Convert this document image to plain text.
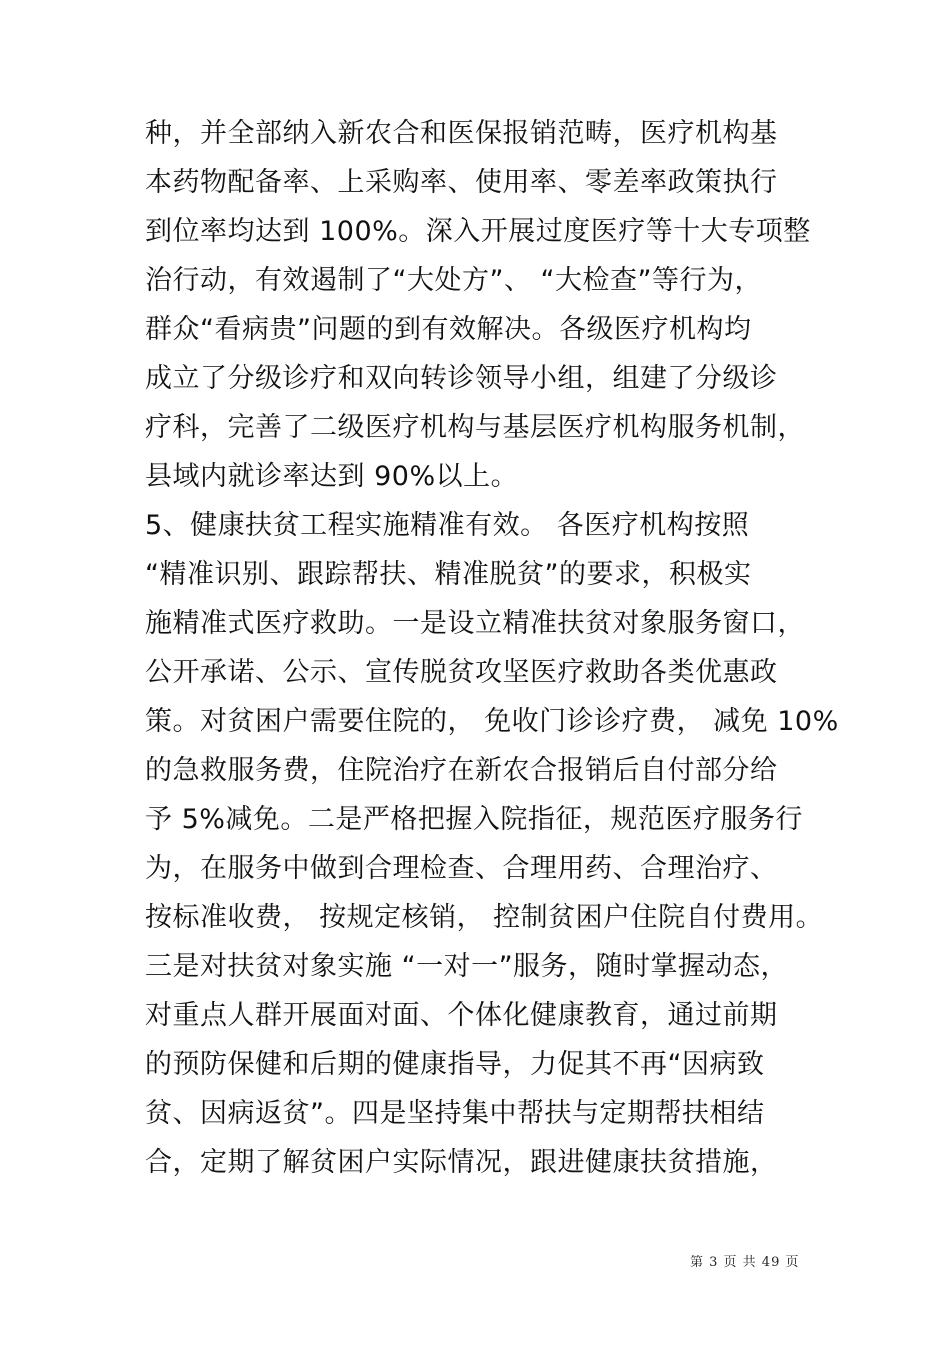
种，并全部纳入新农合和医保报销范畴，医疗机构基
本药物配备率、上采购率、使用率、零差率政策执行
到位率均达到 100%。深入开展过度医疗等十大专项整
治行动，有效遏制了“大处方”、 “大检查”等行为，
群众“看病贵”问题的到有效解决。各级医疗机构均
成立了分级诊疗和双向转诊领导小组，组建了分级诊
疗科，完善了二级医疗机构与基层医疗机构服务机制，
县域内就诊率达到 90%以上。
5、健康扶贫工程实施精准有效。 各医疗机构按照
“精准识别、跟踪帮扶、精准脱贫”的要求，积极实
施精准式医疗救助。一是设立精准扶贫对象服务窗口，
公开承诺、公示、宣传脱贫攻坚医疗救助各类优惠政
策。对贫困户需要住院的， 免收门诊诊疗费， 减免 10%
的急救服务费，住院治疗在新农合报销后自付部分给
予 5%减免。二是严格把握入院指征，规范医疗服务行
为，在服务中做到合理检查、合理用药、合理治疗、
按标准收费， 按规定核销， 控制贫困户住院自付费用。
三是对扶贫对象实施 “一对一”服务，随时掌握动态，
对重点人群开展面对面、个体化健康教育，通过前期
的预防保健和后期的健康指导，力促其不再“因病致
贫、因病返贫”。四是坚持集中帮扶与定期帮扶相结
合，定期了解贫困户实际情况，跟进健康扶贫措施，
第 3 页 共 49 页
